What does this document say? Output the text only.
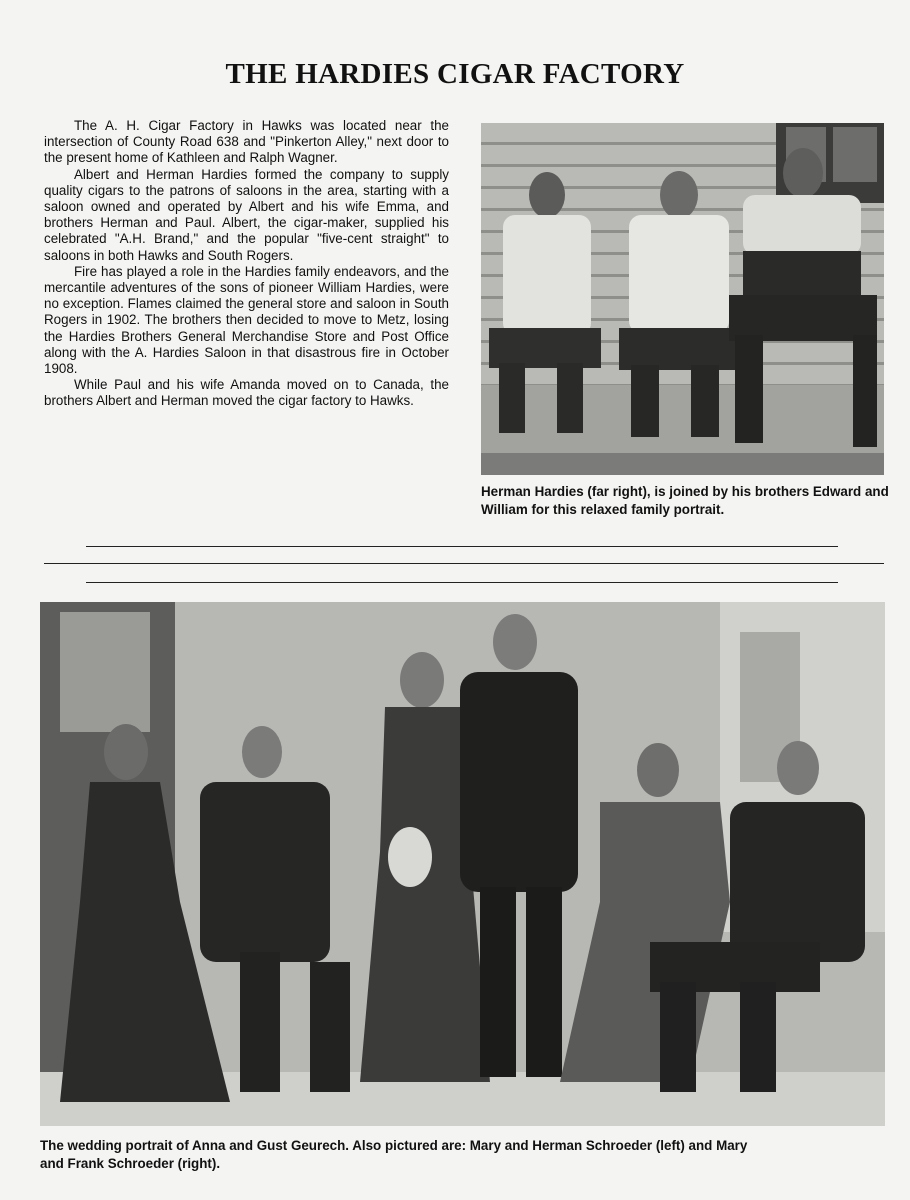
THE HARDIES CIGAR FACTORY

The A. H. Cigar Factory in Hawks was located near the intersection of County Road 638 and "Pinkerton Alley," next door to the present home of Kathleen and Ralph Wagner.

Albert and Herman Hardies formed the company to supply quality cigars to the patrons of saloons in the area, starting with a saloon owned and operated by Albert and his wife Emma, and brothers Herman and Paul. Albert, the cigar-maker, supplied his celebrated "A.H. Brand," and the popular "five-cent straight" to saloons in both Hawks and South Rogers.

Fire has played a role in the Hardies family endeavors, and the mercantile adventures of the sons of pioneer William Hardies, were no exception. Flames claimed the general store and saloon in South Rogers in 1902. The brothers then decided to move to Metz, losing the Hardies Brothers General Merchandise Store and Post Office along with the A. Hardies Saloon in that disastrous fire in October 1908.

While Paul and his wife Amanda moved on to Canada, the brothers Albert and Herman moved the cigar factory to Hawks.

Herman Hardies (far right), is joined by his brothers Edward and William for this relaxed family portrait.

The wedding portrait of Anna and Gust Geurech. Also pictured are: Mary and Herman Schroeder (left) and Mary and Frank Schroeder (right).
